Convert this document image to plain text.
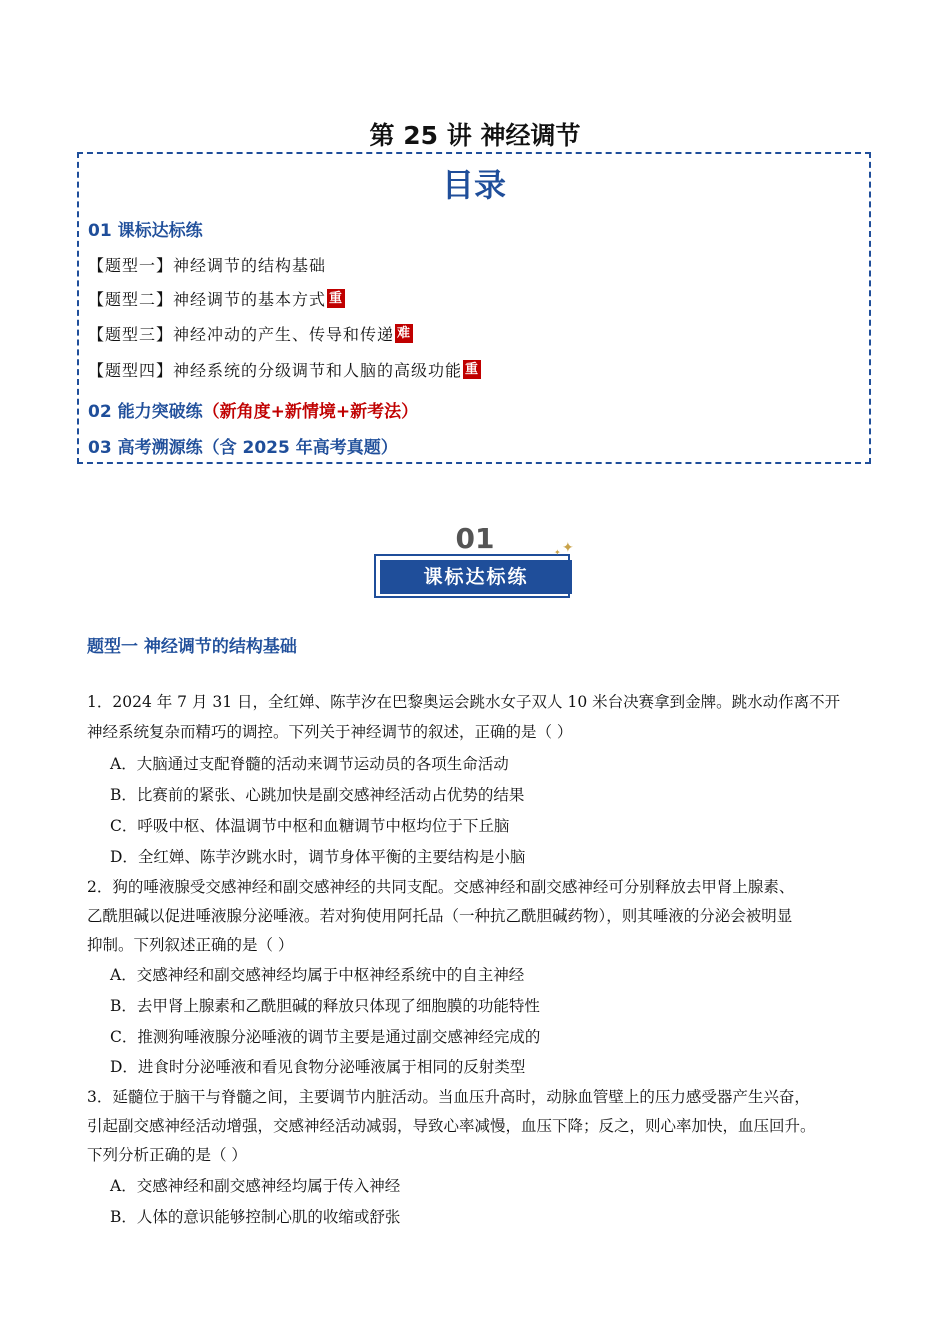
第 25 讲 神经调节
目录
01 课标达标练
【题型一】神经调节的结构基础
【题型二】神经调节的基本方式 重
【题型三】神经冲动的产生、传导和传递 难
【题型四】神经系统的分级调节和人脑的高级功能 重
02 能力突破练（新角度+新情境+新考法）
03 高考溯源练（含 2025 年高考真题）
01
课标达标练
✦
✦
题型一 神经调节的结构基础
1．2024 年 7 月 31 日，全红婵、陈芋汐在巴黎奥运会跳水女子双人 10 米台决赛拿到金牌。跳水动作离不开
神经系统复杂而精巧的调控。下列关于神经调节的叙述，正确的是（ ）
A．大脑通过支配脊髓的活动来调节运动员的各项生命活动
B．比赛前的紧张、心跳加快是副交感神经活动占优势的结果
C．呼吸中枢、体温调节中枢和血糖调节中枢均位于下丘脑
D．全红婵、陈芋汐跳水时，调节身体平衡的主要结构是小脑
2．狗的唾液腺受交感神经和副交感神经的共同支配。交感神经和副交感神经可分别释放去甲肾上腺素、
乙酰胆碱以促进唾液腺分泌唾液。若对狗使用阿托品（一种抗乙酰胆碱药物），则其唾液的分泌会被明显
抑制。下列叙述正确的是（ ）
A．交感神经和副交感神经均属于中枢神经系统中的自主神经
B．去甲肾上腺素和乙酰胆碱的释放只体现了细胞膜的功能特性
C．推测狗唾液腺分泌唾液的调节主要是通过副交感神经完成的
D．进食时分泌唾液和看见食物分泌唾液属于相同的反射类型
3．延髓位于脑干与脊髓之间，主要调节内脏活动。当血压升高时，动脉血管壁上的压力感受器产生兴奋，
引起副交感神经活动增强，交感神经活动减弱，导致心率减慢，血压下降；反之，则心率加快，血压回升。
下列分析正确的是（ ）
A．交感神经和副交感神经均属于传入神经
B．人体的意识能够控制心肌的收缩或舒张
